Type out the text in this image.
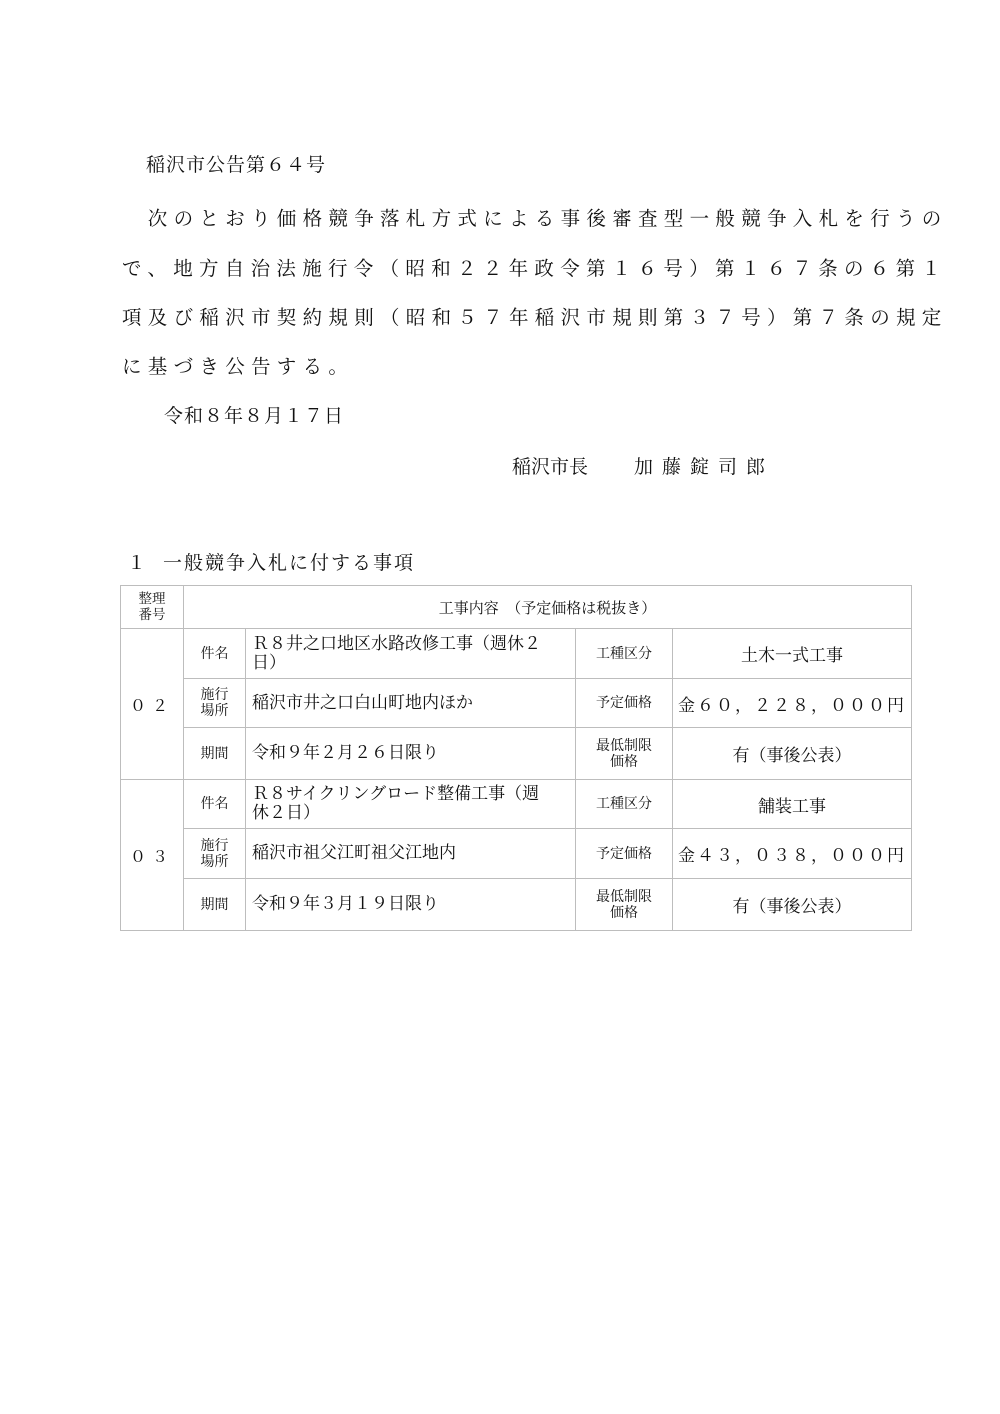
稲沢市公告第６４号
　次のとおり価格競争落札方式による事後審査型一般競争入札を行うの
で、地方自治法施行令（昭和２２年政令第１６号）第１６７条の６第１
項及び稲沢市契約規則（昭和５７年稲沢市規則第３７号）第７条の規定
に基づき公告する。
令和８年８月１７日
稲沢市長 加藤錠司郎
１ 一般競争入札に付する事項
整理
番号	工事内容　（予定価格は税抜き）			
０２	件名	Ｒ８井之口地区水路改修工事（週休２
日）	工種区分	土木一式工事

	施行
場所	稲沢市井之口白山町地内ほか	予定価格	金６０，２２８，０００円
	期間	令和９年２月２６日限り	最低制限
価格	有（事後公表）
０３	件名	Ｒ８サイクリングロード整備工事（週
休２日）	工種区分	舗装工事

	施行
場所	稲沢市祖父江町祖父江地内	予定価格	金４３，０３８，０００円
	期間	令和９年３月１９日限り	最低制限
価格	有（事後公表）
